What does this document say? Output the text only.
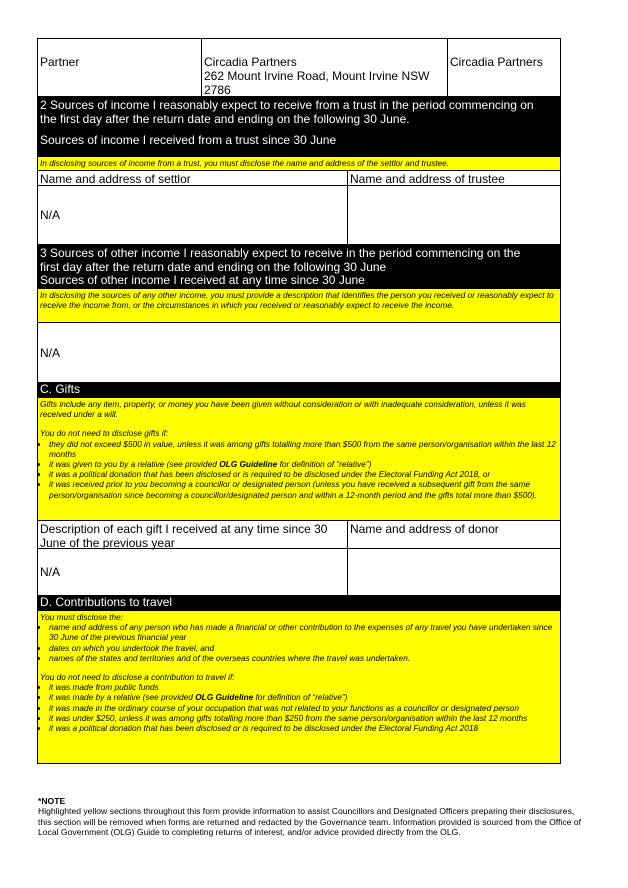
Partner	Circadia Partners
262 Mount Irvine Road, Mount Irvine NSW
2786
Circadia Partners
2 Sources of income I reasonably expect to receive from a trust in the period commencing on
the first day after the return date and ending on the following 30 June.
Sources of income I received from a trust since 30 June
In disclosing sources of income from a trust, you must disclose the name and address of the settlor and trustee.
Name and address of settlor	Name and address of trustee
N/A
3 Sources of other income I reasonably expect to receive in the period commencing on the
first day after the return date and ending on the following 30 June
Sources of other income I received at any time since 30 June
In disclosing the sources of any other income, you must provide a description that identifies the person you received or reasonably expect to receive the income from, or the circumstances in which you received or reasonably expect to receive the income.
N/A
C. Gifts
Gifts include any item, property, or money you have been given without consideration or with inadequate consideration, unless it was received under a will.
You do not need to disclose gifts if:
• they did not exceed $500 in value, unless it was among gifts totalling more than $500 from the same person/organisation within the last 12 months
• it was given to you by a relative (see provided OLG Guideline for definition of “relative”)
• it was a political donation that has been disclosed or is required to be disclosed under the Electoral Funding Act 2018, or
• it was received prior to you becoming a councillor or designated person (unless you have received a subsequent gift from the same person/organisation since becoming a councillor/designated person and within a 12-month period and the gifts total more than $500).
Description of each gift I received at any time since 30 June of the previous year
Name and address of donor
N/A
D. Contributions to travel
You must disclose the:
• name and address of any person who has made a financial or other contribution to the expenses of any travel you have undertaken since 30 June of the previous financial year
• dates on which you undertook the travel, and
• names of the states and territories and of the overseas countries where the travel was undertaken.
You do not need to disclose a contribution to travel if:
• it was made from public funds
• it was made by a relative (see provided OLG Guideline for definition of “relative”)
• it was made in the ordinary course of your occupation that was not related to your functions as a councillor or designated person
• it was under $250, unless it was among gifts totalling more than $250 from the same person/organisation within the last 12 months
• it was a political donation that has been disclosed or is required to be disclosed under the Electoral Funding Act 2018
*NOTE
Highlighted yellow sections throughout this form provide information to assist Councillors and Designated Officers preparing their disclosures, this section will be removed when forms are returned and redacted by the Governance team. Information provided is sourced from the Office of Local Government (OLG) Guide to completing returns of interest, and/or advice provided directly from the OLG.
